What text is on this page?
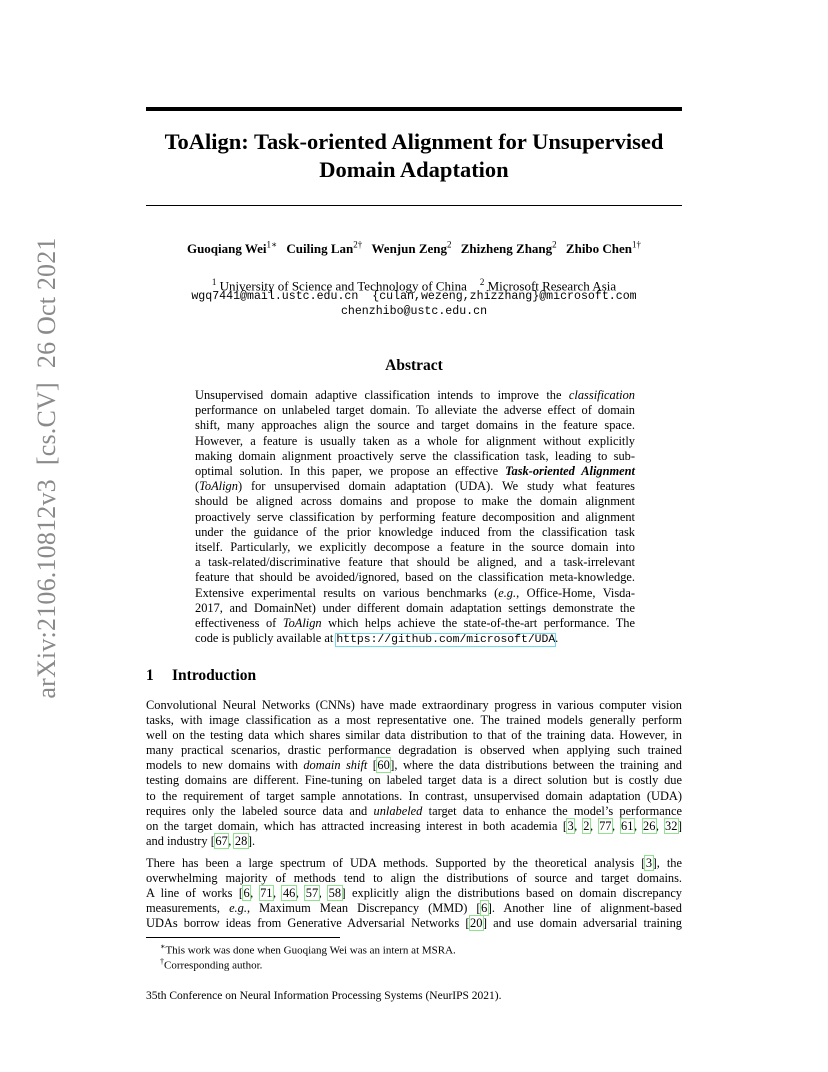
arXiv:2106.10812v3[cs.CV]26 Oct 2021
ToAlign: Task-oriented Alignment for Unsupervised
Domain Adaptation
Guoqiang Wei$^{1∗}$ Cuiling Lan$^{2\dagger}$ Wenjun Zeng$^2$ Zhizheng Zhang$^2$ Zhibo Chen$^{1\dagger}$
$^1$ University of Science and Technology of China $^2$ Microsoft Research Asia
wgq7441@mail.ustc.edu.cn {culan,wezeng,zhizzhang}@microsoft.com
chenzhibo@ustc.edu.cn
Abstract
Unsupervised domain adaptive classification intends to improve the classification
performance on unlabeled target domain. To alleviate the adverse effect of domain
shift, many approaches align the source and target domains in the feature space.
However, a feature is usually taken as a whole for alignment without explicitly
making domain alignment proactively serve the classification task, leading to sub-
optimal solution. In this paper, we propose an effective Task-oriented Alignment
(ToAlign) for unsupervised domain adaptation (UDA). We study what features
should be aligned across domains and propose to make the domain alignment
proactively serve classification by performing feature decomposition and alignment
under the guidance of the prior knowledge induced from the classification task
itself. Particularly, we explicitly decompose a feature in the source domain into
a task-related/discriminative feature that should be aligned, and a task-irrelevant
feature that should be avoided/ignored, based on the classification meta-knowledge.
Extensive experimental results on various benchmarks (e.g., Office-Home, Visda-
2017, and DomainNet) under different domain adaptation settings demonstrate the
effectiveness of ToAlign which helps achieve the state-of-the-art performance. The
code is publicly available at https://github.com/microsoft/UDA.
1 Introduction
Convolutional Neural Networks (CNNs) have made extraordinary progress in various computer vision
tasks, with image classification as a most representative one. The trained models generally perform
well on the testing data which shares similar data distribution to that of the training data. However, in
many practical scenarios, drastic performance degradation is observed when applying such trained
models to new domains with domain shift [60], where the data distributions between the training and
testing domains are different. Fine-tuning on labeled target data is a direct solution but is costly due
to the requirement of target sample annotations. In contrast, unsupervised domain adaptation (UDA)
requires only the labeled source data and unlabeled target data to enhance the model’s performance
on the target domain, which has attracted increasing interest in both academia [3, 2, 77, 61, 26, 32]
and industry [67, 28].
There has been a large spectrum of UDA methods. Supported by the theoretical analysis [3], the
overwhelming majority of methods tend to align the distributions of source and target domains.
A line of works [6, 71, 46, 57, 58] explicitly align the distributions based on domain discrepancy
measurements, e.g., Maximum Mean Discrepancy (MMD) [6]. Another line of alignment-based
UDAs borrow ideas from Generative Adversarial Networks [20] and use domain adversarial training
∗This work was done when Guoqiang Wei was an intern at MSRA.
†Corresponding author.
35th Conference on Neural Information Processing Systems (NeurIPS 2021).
